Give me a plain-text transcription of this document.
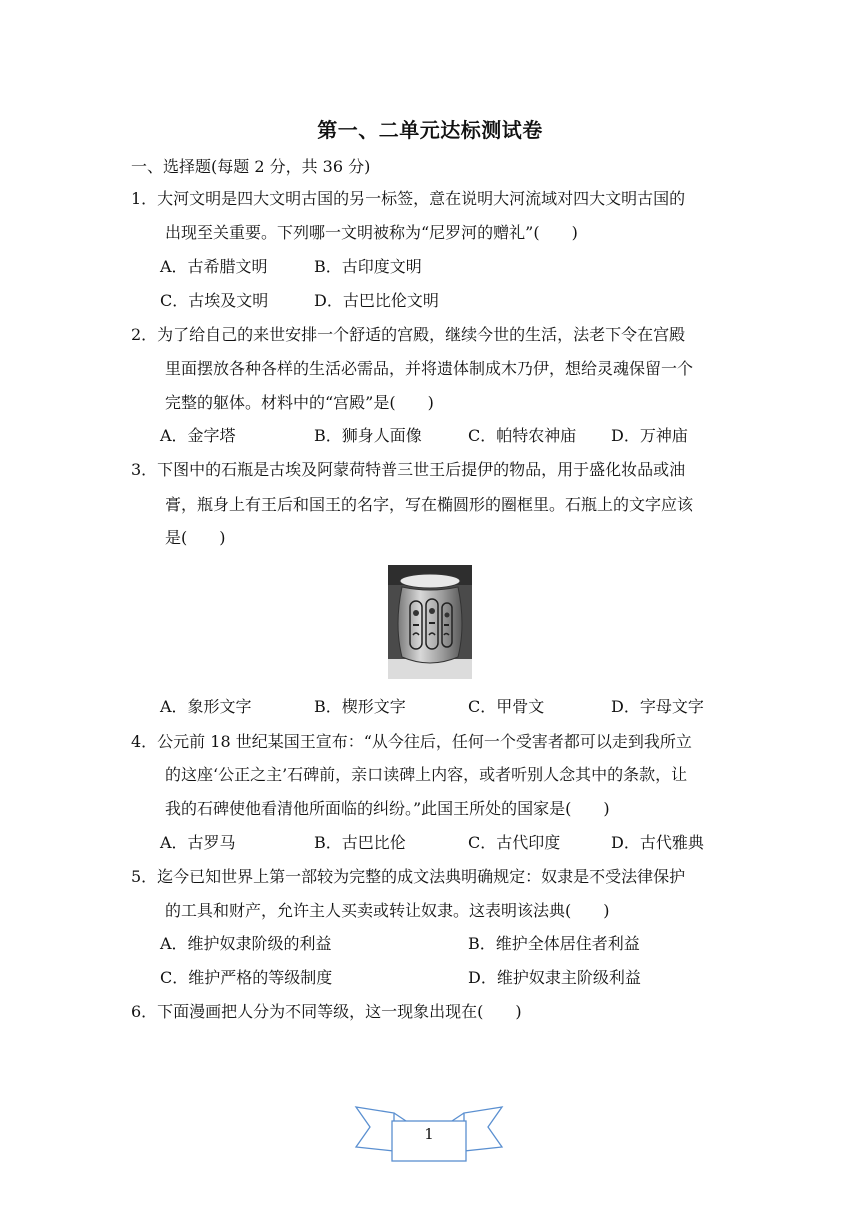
第一、二单元达标测试卷
一、选择题(每题 2 分，共 36 分)
1．大河文明是四大文明古国的另一标签，意在说明大河流域对四大文明古国的
出现至关重要。下列哪一文明被称为“尼罗河的赠礼”(　　)
A．古希腊文明	B．古印度文明
C．古埃及文明	D．古巴比伦文明
2．为了给自己的来世安排一个舒适的宫殿，继续今世的生活，法老下令在宫殿
里面摆放各种各样的生活必需品，并将遗体制成木乃伊，想给灵魂保留一个
完整的躯体。材料中的“宫殿”是(　　)
A．金字塔	B．狮身人面像	C．帕特农神庙 D．万神庙
3．下图中的石瓶是古埃及阿蒙荷特普三世王后提伊的物品，用于盛化妆品或油
膏，瓶身上有王后和国王的名字，写在椭圆形的圈框里。石瓶上的文字应该
是(　　)
A．象形文字	B．楔形文字	C．甲骨文	D．字母文字
4．公元前 18 世纪某国王宣布：“从今往后，任何一个受害者都可以走到我所立
的这座‘公正之主’石碑前，亲口读碑上内容，或者听别人念其中的条款，让
我的石碑使他看清他所面临的纠纷。”此国王所处的国家是(　　)
A．古罗马	B．古巴比伦	C．古代印度	D．古代雅典
5．迄今已知世界上第一部较为完整的成文法典明确规定：奴隶是不受法律保护
的工具和财产，允许主人买卖或转让奴隶。这表明该法典(　　)
A．维护奴隶阶级的利益	B．维护全体居住者利益
C．维护严格的等级制度	D．维护奴隶主阶级利益
6．下面漫画把人分为不同等级，这一现象出现在(　　)
1
